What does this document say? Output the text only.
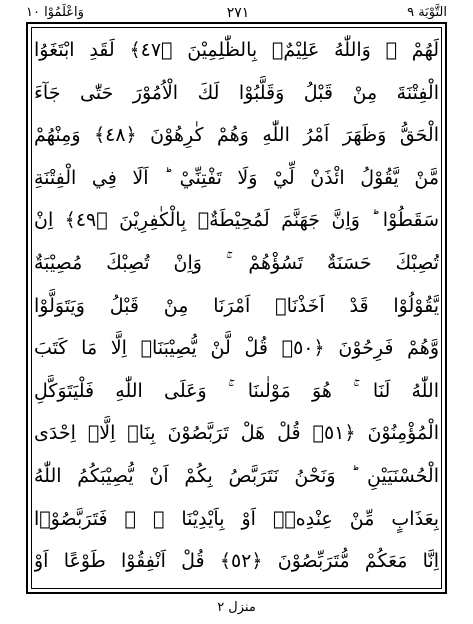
وَاعْلَمُوْا ١٠	٢٧١	التَّوْبَة ٩
لَهُمْ ۚ وَاللّٰهُ عَلِيْمٌۢ بِالظّٰلِمِيْنَ ﴿٤٧﴾ لَقَدِ ابْتَغَوُا
الْفِتْنَةَ مِنْ قَبْلُ وَقَلَّبُوْا لَكَ الْاُمُوْرَ حَتّٰى جَآءَ
الْحَقُّ وَظَهَرَ اَمْرُ اللّٰهِ وَهُمْ كٰرِهُوْنَ ﴿٤٨﴾ وَمِنْهُمْ
مَّنْ يَّقُوْلُ ائْذَنْ لِّيْ وَلَا تَفْتِنِّيْ ؕ اَلَا فِي الْفِتْنَةِ
سَقَطُوْا ؕ وَاِنَّ جَهَنَّمَ لَمُحِيْطَةٌۢ بِالْكٰفِرِيْنَ ﴿٤٩﴾ اِنْ
تُصِبْكَ حَسَنَةٌ تَسُؤْهُمْ ۚ وَاِنْ تُصِبْكَ مُصِيْبَةٌ
يَّقُوْلُوْا قَدْ اَخَذْنَاۤ اَمْرَنَا مِنْ قَبْلُ وَيَتَوَلَّوْا
وَّهُمْ فَرِحُوْنَ ﴿٥٠﴾ قُلْ لَّنْ يُّصِيْبَنَاۤ اِلَّا مَا كَتَبَ
اللّٰهُ لَنَا ۚ هُوَ مَوْلٰىنَا ۚ وَعَلَى اللّٰهِ فَلْيَتَوَكَّلِ
الْمُؤْمِنُوْنَ ﴿٥١﴾ قُلْ هَلْ تَرَبَّصُوْنَ بِنَاۤ اِلَّاۤ اِحْدَى
الْحُسْنَيَيْنِ ؕ وَنَحْنُ نَتَرَبَّصُ بِكُمْ اَنْ يُّصِيْبَكُمُ اللّٰهُ
بِعَذَابٍ مِّنْ عِنْدِهٖۤ اَوْ بِاَيْدِيْنَا ۖ ؗ فَتَرَبَّصُوْۤا
اِنَّا مَعَكُمْ مُّتَرَبِّصُوْنَ ﴿٥٢﴾ قُلْ اَنْفِقُوْا طَوْعًا اَوْ
منزل ٢
